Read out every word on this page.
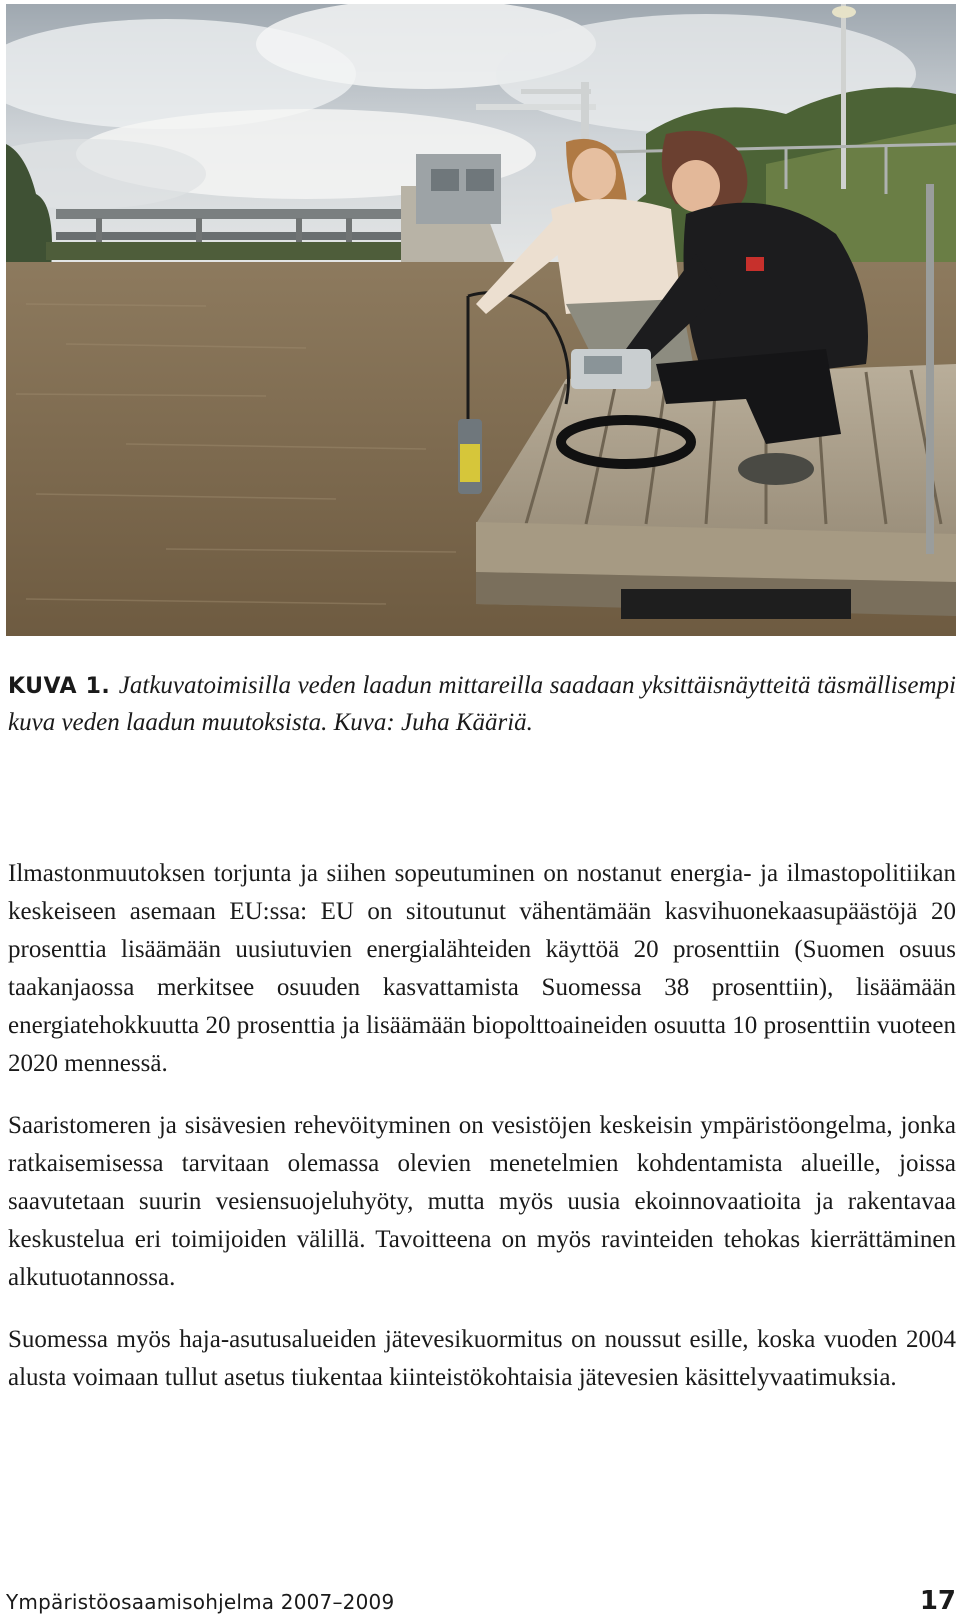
KUVA 1. Jatkuvatoimisilla veden laadun mittareilla saadaan yksittäisnäytteitä täsmällisempi kuva veden laadun muutoksista. Kuva: Juha Kääriä.

Ilmastonmuutoksen torjunta ja siihen sopeutuminen on nostanut energia- ja ilmastopolitiikan keskeiseen asemaan EU:ssa: EU on sitoutunut vähentämään kasvihuonekaasupäästöjä 20 prosenttia lisäämään uusiutuvien energialähteiden käyttöä 20 prosenttiin (Suomen osuus taakanjaossa merkitsee osuuden kasvattamista Suomessa 38 prosenttiin), lisäämään energiatehokkuutta 20 prosenttia ja lisäämään biopolttoaineiden osuutta 10 prosenttiin vuoteen 2020 mennessä.

Saaristomeren ja sisävesien rehevöityminen on vesistöjen keskeisin ympäristöongelma, jonka ratkaisemisessa tarvitaan olemassa olevien menetelmien kohdentamista alueille, joissa saavutetaan suurin vesiensuojeluhyöty, mutta myös uusia ekoinnovaatioita ja rakentavaa keskustelua eri toimijoiden välillä. Tavoitteena on myös ravinteiden tehokas kierrättäminen alkutuotannossa.

Suomessa myös haja-asutusalueiden jätevesikuormitus on noussut esille, koska vuoden 2004 alusta voimaan tullut asetus tiukentaa kiinteistökohtaisia jätevesien käsittelyvaatimuksia.

Ympäristöosaamisohjelma 2007–2009	17
